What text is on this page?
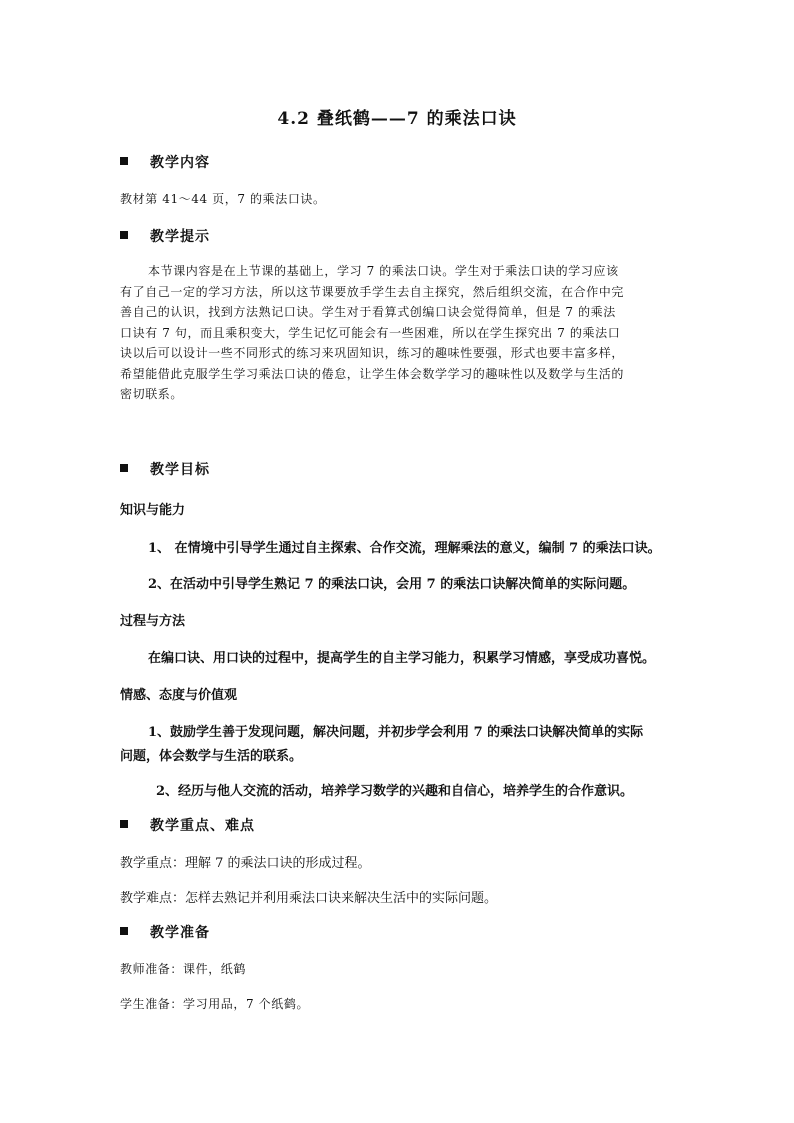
4.2 叠纸鹤——7 的乘法口诀
教学内容
教材第 41～44 页，7 的乘法口诀。
教学提示

本节课内容是在上节课的基础上，学习 7 的乘法口诀。学生对于乘法口诀的学习应该

有了自己一定的学习方法，所以这节课要放手学生去自主探究，然后组织交流，在合作中完

善自己的认识，找到方法熟记口诀。学生对于看算式创编口诀会觉得简单，但是 7 的乘法

口诀有 7 句，而且乘积变大，学生记忆可能会有一些困难，所以在学生探究出 7 的乘法口

诀以后可以设计一些不同形式的练习来巩固知识，练习的趣味性要强，形式也要丰富多样，

希望能借此克服学生学习乘法口诀的倦怠，让学生体会数学学习的趣味性以及数学与生活的

密切联系。

教学目标
知识与能力
1、 在情境中引导学生通过自主探索、合作交流，理解乘法的意义，编制 7 的乘法口诀。
2、在活动中引导学生熟记 7 的乘法口诀，会用 7 的乘法口诀解决简单的实际问题。
过程与方法
在编口诀、用口诀的过程中，提高学生的自主学习能力，积累学习情感，享受成功喜悦。
情感、态度与价值观
1、鼓励学生善于发现问题，解决问题，并初步学会利用 7 的乘法口诀解决简单的实际
问题，体会数学与生活的联系。
2、经历与他人交流的活动，培养学习数学的兴趣和自信心，培养学生的合作意识。
教学重点、难点
教学重点：理解 7 的乘法口诀的形成过程。
教学难点：怎样去熟记并利用乘法口诀来解决生活中的实际问题。
教学准备
教师准备：课件，纸鹤
学生准备：学习用品，7 个纸鹤。
